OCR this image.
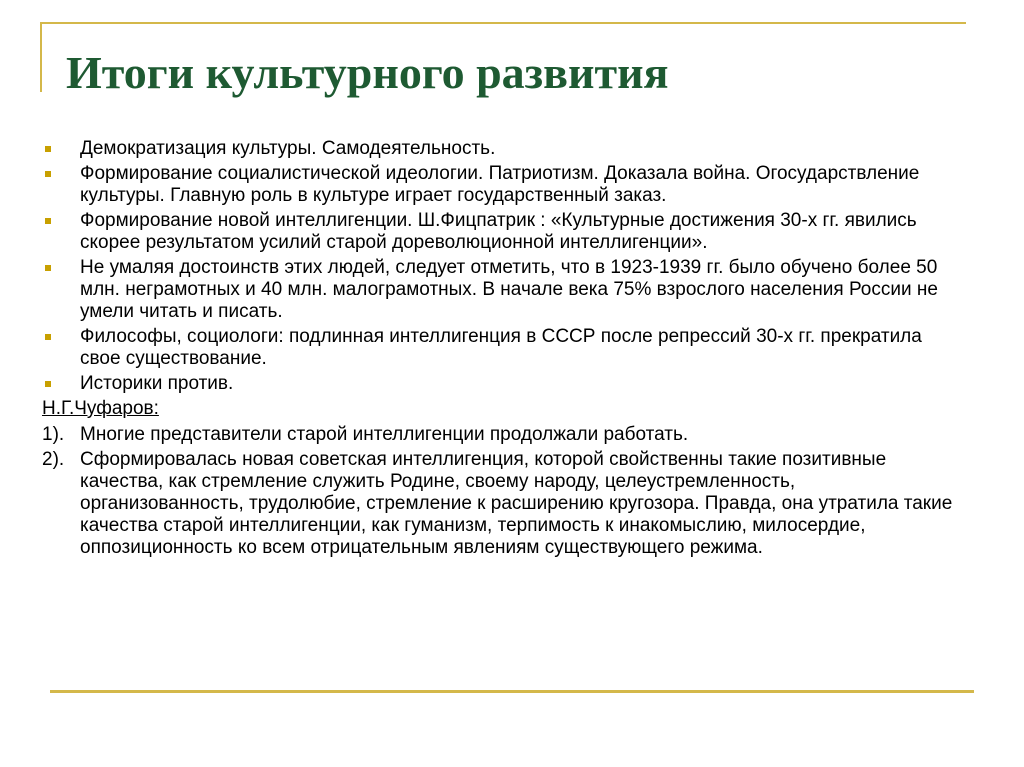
Итоги культурного развития
Демократизация культуры. Самодеятельность.
Формирование социалистической идеологии. Патриотизм. Доказала война. Огосударствление культуры. Главную роль в культуре играет государственный заказ.
Формирование новой интеллигенции. Ш.Фицпатрик : «Культурные достижения 30-х гг. явились скорее результатом усилий старой дореволюционной интеллигенции».
Не умаляя достоинств этих людей, следует отметить, что в 1923-1939 гг. было обучено более 50 млн. неграмотных и 40 млн. малограмотных. В начале века 75% взрослого населения России не умели читать и писать.
Философы, социологи: подлинная интеллигенция в СССР после репрессий 30-х гг. прекратила свое существование.
Историки против.
Н.Г.Чуфаров:
1). Многие представители старой интеллигенции продолжали работать.
2). Сформировалась новая советская интеллигенция, которой свойственны такие позитивные качества, как стремление служить Родине, своему народу, целеустремленность, организованность, трудолюбие, стремление к расширению кругозора. Правда, она утратила такие качества старой интеллигенции, как гуманизм, терпимость к инакомыслию, милосердие, оппозиционность ко всем отрицательным явлениям существующего режима.
